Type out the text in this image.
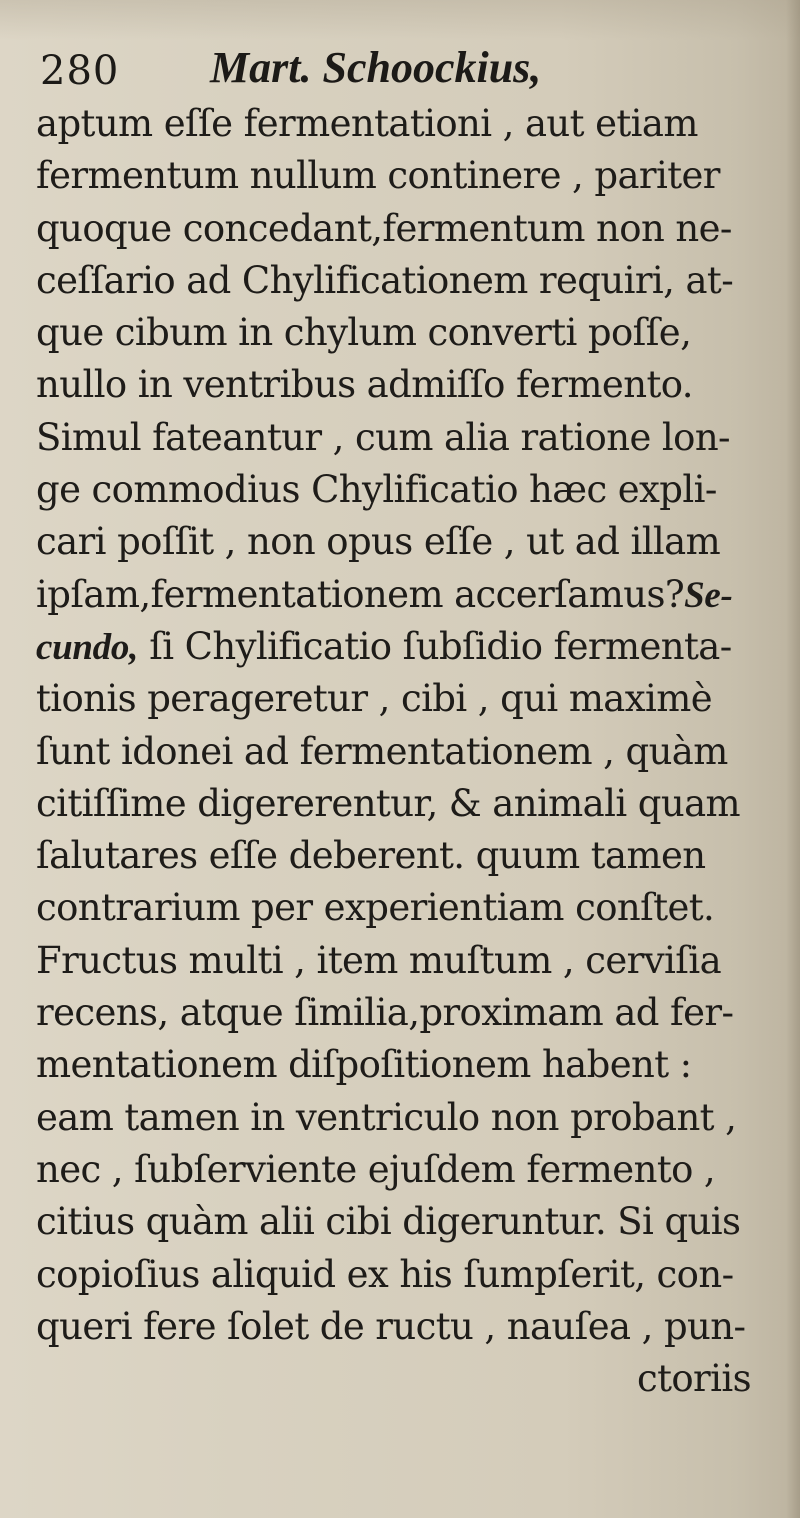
280 Mart. Schoockius,
aptum eſſe fermentationi , aut etiam
fermentum nullum continere , pariter
quoque concedant,fermentum non ne-
ceſſario ad Chylificationem requiri, at-
que cibum in chylum converti poſſe,
nullo in ventribus admiſſo fermento.
Simul fateantur , cum alia ratione lon-
ge commodius Chylificatio hæc expli-
cari poſſit , non opus eſſe , ut ad illam
ipſam,fermentationem accerſamus?Se-
cundo, ſi Chylificatio ſubſidio fermenta-
tionis perageretur , cibi , qui maximè
ſunt idonei ad fermentationem , quàm
citiſſime digererentur, & animali quam
ſalutares eſſe deberent. quum tamen
contrarium per experientiam conſtet.
Fructus multi , item muſtum , cerviſia
recens, atque ſimilia,proximam ad fer-
mentationem diſpoſitionem habent :
eam tamen in ventriculo non probant ,
nec , ſubſerviente ejuſdem fermento ,
citius quàm alii cibi digeruntur. Si quis
copioſius aliquid ex his ſumpſerit, con-
queri fere ſolet de ructu , nauſea , pun-
ctoriis
